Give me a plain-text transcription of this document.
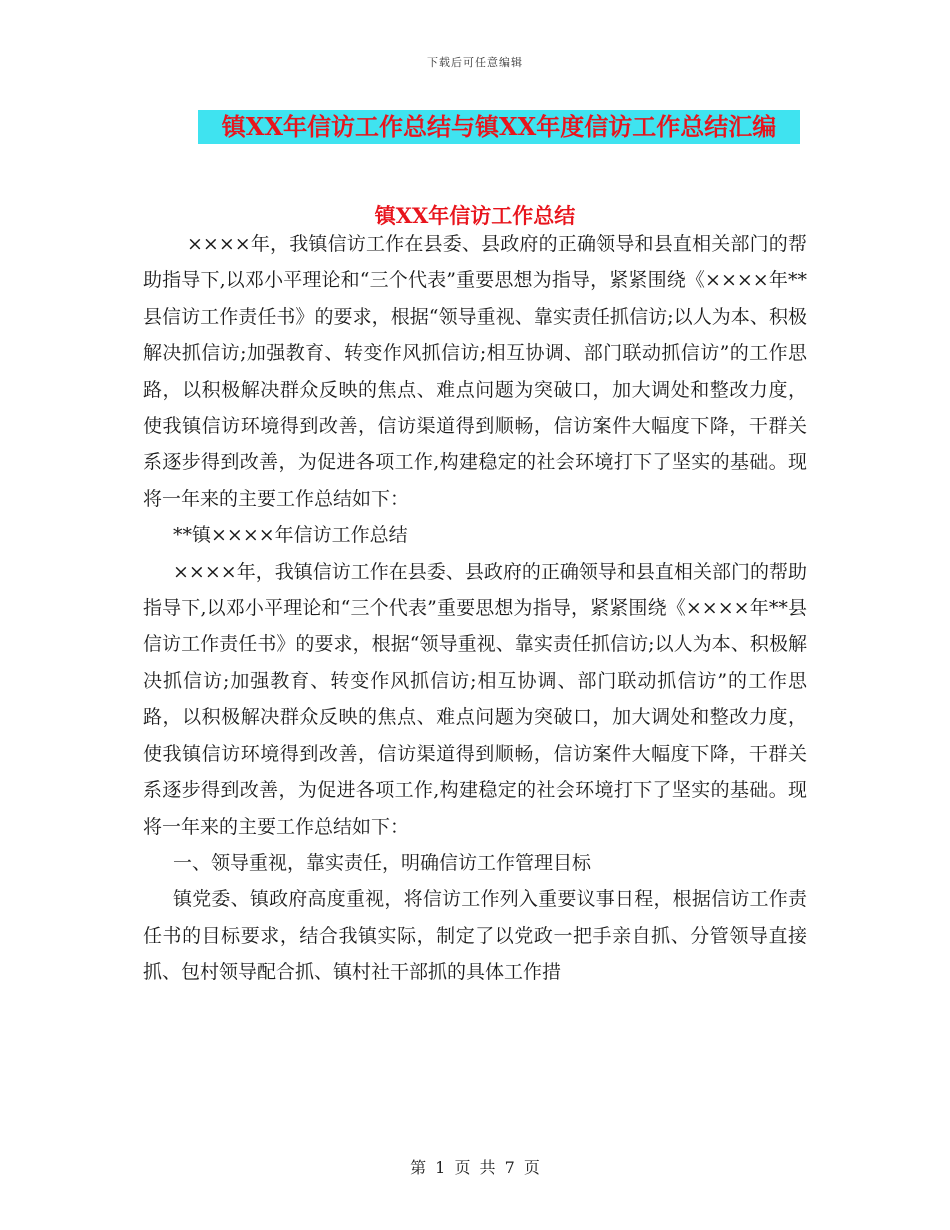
下载后可任意编辑
镇XX年信访工作总结与镇XX年度信访工作总结汇编
镇XX年信访工作总结

××××年，我镇信访工作在县委、县政府的正确领导和县直相关部门的帮助指导下,以邓小平理论和“三个代表”重要思想为指导，紧紧围绕《××××年**县信访工作责任书》的要求，根据“领导重视、靠实责任抓信访;以人为本、积极解决抓信访;加强教育、转变作风抓信访;相互协调、部门联动抓信访”的工作思路，以积极解决群众反映的焦点、难点问题为突破口，加大调处和整改力度，使我镇信访环境得到改善，信访渠道得到顺畅，信访案件大幅度下降，干群关系逐步得到改善，为促进各项工作,构建稳定的社会环境打下了坚实的基础。现将一年来的主要工作总结如下：

**镇××××年信访工作总结

××××年，我镇信访工作在县委、县政府的正确领导和县直相关部门的帮助指导下,以邓小平理论和“三个代表”重要思想为指导，紧紧围绕《××××年**县信访工作责任书》的要求，根据“领导重视、靠实责任抓信访;以人为本、积极解决抓信访;加强教育、转变作风抓信访;相互协调、部门联动抓信访”的工作思路，以积极解决群众反映的焦点、难点问题为突破口，加大调处和整改力度，使我镇信访环境得到改善，信访渠道得到顺畅，信访案件大幅度下降，干群关系逐步得到改善，为促进各项工作,构建稳定的社会环境打下了坚实的基础。现将一年来的主要工作总结如下：

一、领导重视，靠实责任，明确信访工作管理目标

镇党委、镇政府高度重视，将信访工作列入重要议事日程，根据信访工作责任书的目标要求，结合我镇实际，制定了以党政一把手亲自抓、分管领导直接抓、包村领导配合抓、镇村社干部抓的具体工作措

第 1 页 共 7 页
